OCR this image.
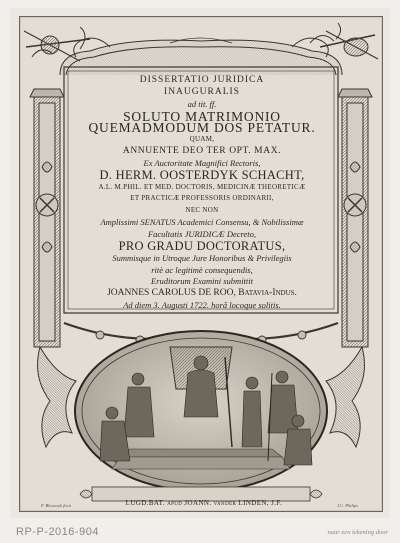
DISSERTATIO JURIDICA
INAUGURALIS
ad tit. ff.
SOLUTO MATRIMONIO
QUEMADMODUM DOS PETATUR.
QUAM,
ANNUENTE DEO TER OPT. MAX.
Ex Auctoritate Magnifici Rectoris,
D. HERM. OOSTERDYK SCHACHT,
A.L. M.PHIL. ET MED. DOCTORIS, MEDICINÆ THEORETICÆ
ET PRACTICÆ PROFESSORIS ORDINARII,
NEC NON
Amplissimi SENATUS Academici Consensu, & Nobilissimæ
Facultatis JURIDICÆ Decreto,
PRO GRADU DOCTORATUS,
Summisque in Utroque Jure Honoribus & Privilegiis
ritè ac legitimè consequendis,
Eruditorum Examini submittit
JOANNES CAROLUS DE ROO, Batavia-Indus.
Ad diem 3. Augusti 1722. horâ locoque solitis.
LUGD.BAT. apud JOANN. vander LINDEN, J.F.
F. Bleyswyk fecit	J.C. Philips
RP-P-2016-904	naar een tekening door
